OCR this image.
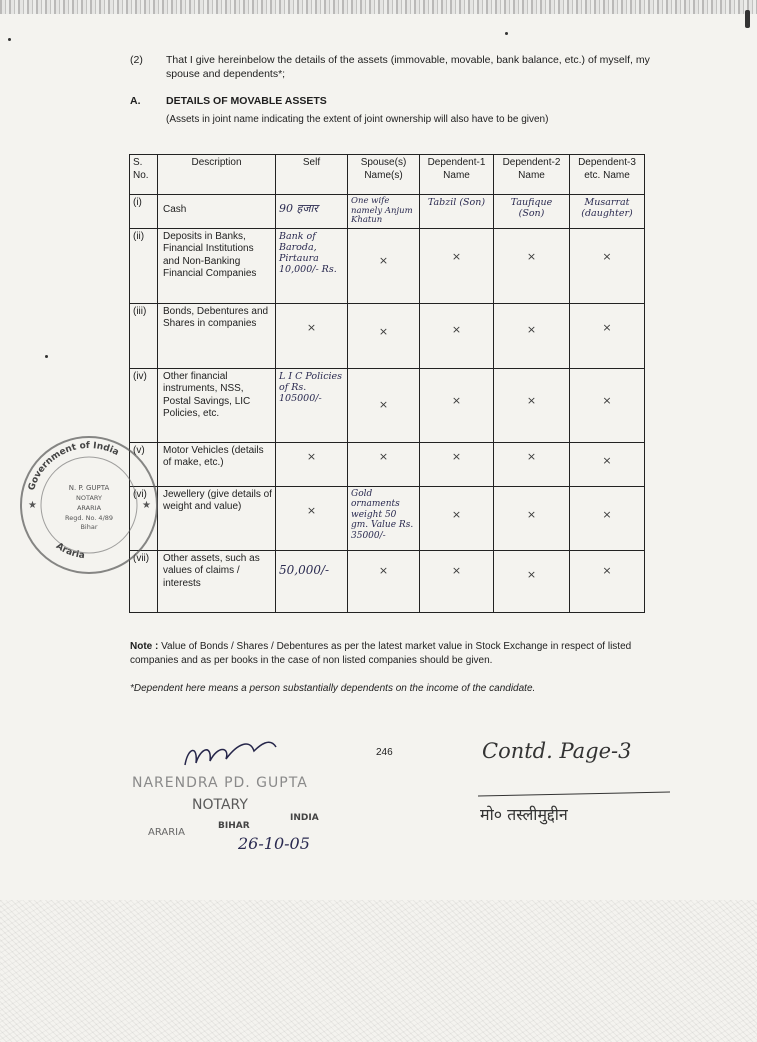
(2) That I give hereinbelow the details of the assets (immovable, movable, bank balance, etc.) of myself, my spouse and dependents*;
A. DETAILS OF MOVABLE ASSETS
(Assets in joint name indicating the extent of joint ownership will also have to be given)
S. No.	Description	Self	Spouse(s) Name(s)	Dependent-1 Name	Dependent-2 Name	Dependent-3 etc. Name
(i)	Cash	90 हजार	One wife namely Anjum Khatun	Tabzil (Son)	Taufique (Son)	Musarrat (daughter)

(ii)	Deposits in Banks, Financial Institutions and Non-Banking Financial Companies	Bank of Baroda, Pirtaura 10,000/- Rs.	×	×	×	×

(iii)	Bonds, Debentures and Shares in companies	×	×	×	×	×

(iv)	Other financial instruments, NSS, Postal Savings, LIC Policies, etc.	L I C Policies of Rs. 105000/-	×	×	×	×

(v)	Motor Vehicles (details of make, etc.)	×	×	×	×	×

(vi)	Jewellery (give details of weight and value)	×	Gold ornaments weight 50 gm. Value Rs. 35000/-	×	×	×

(vii)	Other assets, such as values of claims / interests	50,000/-	×	×	×	×
Government of India
Araria
N. P. GUPTA
NOTARY
ARARIA
Regd. No. 4/89
Bihar
★	★
Note : Value of Bonds / Shares / Debentures as per the latest market value in Stock Exchange in respect of listed companies and as per books in the case of non listed companies should be given.
*Dependent here means a person substantially dependents on the income of the candidate.
246
NARENDRA PD. GUPTA
NOTARY
ARARIA
BIHAR
INDIA
26-10-05
Contd. Page-3
मो० तस्लीमुद्दीन
